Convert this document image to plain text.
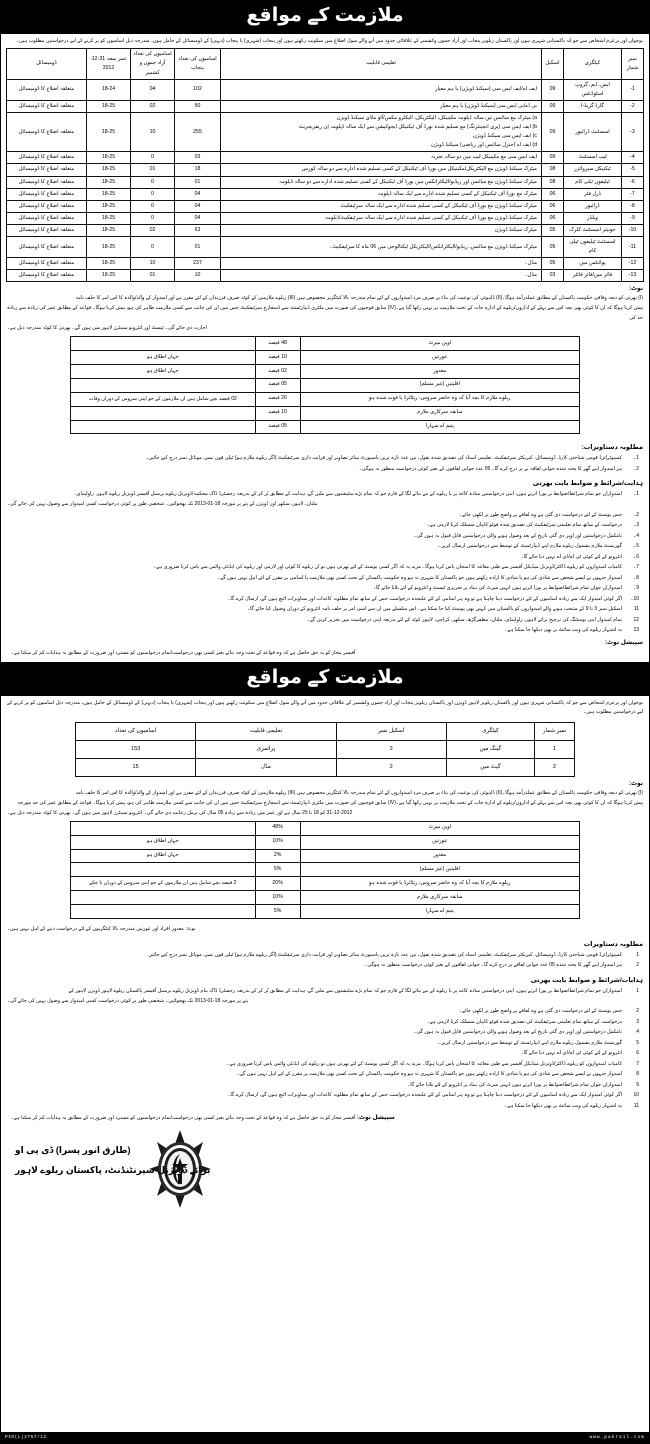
ملازمت کے مواقع
نوجوان اور پرعزم اشخاص سے جو کہ پاکستانی شہری ہوں اور پاکستان ریلویز پنجاب اور آزاد جموں وکشمیر کے علاقائی حدود میں آنے والے سول اضلاع میں سکونت رکھتے ہوں اور پنجاب (شہری) یا پنجاب (دیہی) کے ڈومیسائل کے حامل ہوں، مندرجہ ذیل اسامیوں کو پر کرنے کے لیے درخواستیں مطلوب ہیں۔
نمبر شمار	کیٹگری	اسکیل	تعلیمی قابلیت	اسامیوں کی تعداد پنجاب	اسامیوں کی تعداد آزاد جموں و کشمیر	عمر بمعہ 31-12-2012	ڈومیسائل
1-	ایس۔ایم۔گروپ اسٹوڈنٹس	09	ایف اے/ایف ایس سی (سیکنڈ ڈویژن) یا ہم معیار	102	04	18-24	متعلقہ اضلاع کا ڈومیسائل
2-	گارڈ گریڈ-I	09	بی اے/بی ایس سی (سیکنڈ ڈویژن) یا ہم معیار	50	02	18-25	متعلقہ اضلاع کا ڈومیسائل
3-	اسسٹنٹ ڈرائیور	09	a) میٹرک مع سائنس تین سالہ ڈپلومہ مکینیکل، الیکٹریکل، الیکٹرو مکس/آٹو ماڈی سیکنڈ ڈویژن
b) ایف ایس سی (پری انجینئرنگ) مع تسلیم شدہ بورڈ آف ٹیکنیکل ایجوکیشن سے ایک سالہ ڈپلومہ اِن ریفریجریٹ
c) ایف ایس سی سیکنڈ ڈویژن
d) ایف اے (جنرل سائنس اور ریاضی) سیکنڈ ڈویژن	255	10	18-25	متعلقہ اضلاع کا ڈومیسائل
4-	لیب اسسٹنٹ	09	ایف ایس سی مع مکینیکل لیب میں دو سالہ تجربہ	03	0	18-25	متعلقہ اضلاع کا ڈومیسائل
5-	ٹیکنیکل سپروائزر	08	میٹرک سیکنڈ ڈویژن مع الیکٹریکل/مکینیکل میں بورڈ آف ٹیکنیکل کے کسی تسلیم شدہ ادارے سے دو سالہ کورس	18	01	18-25	متعلقہ اضلاع کا ڈومیسائل
6-	ٹیلیفون ٹیلی کام	08	میٹرک سیکنڈ ڈویژن مع سائنس اور ریڈیو/الیکٹرانکس میں بورڈ آف ٹیکنیکل کے کسی تسلیم شدہ ادارے سے دو سالہ ڈپلومہ	01	0	18-25	متعلقہ اضلاع کا ڈومیسائل
7-	ڈرل فٹر	06	میٹرک مع بورڈ آف ٹیکنیکل کے کسی تسلیم شدہ ادارے سے ایک سالہ ڈپلومہ	04	0	18-25	متعلقہ اضلاع کا ڈومیسائل
8-	ڈرائیور	06	میٹرک سیکنڈ ڈویژن مع بورڈ آف ٹیکنیکل کے کسی تسلیم شدہ ادارے سے ایک سالہ سرٹیفکیٹ	04	0	18-25	متعلقہ اضلاع کا ڈومیسائل
9-	ویلڈر	06	میٹرک سیکنڈ ڈویژن مع بورڈ آف ٹیکنیکل کے کسی تسلیم شدہ ادارے سے ایک سالہ سرٹیفکیٹ/ڈپلومہ	04	0	18-25	متعلقہ اضلاع کا ڈومیسائل
10-	جونیئر اسسٹنٹ کلرک	05	میٹرک سیکنڈ ڈویژن	63	02	18-25	متعلقہ اضلاع کا ڈومیسائل
11-	اسسٹنٹ ٹیلیفون ٹیلی کام	05	میٹرک سیکنڈ ڈویژن مع سائنس، ریڈیو/الیکٹرانکس/الیکٹریکل ٹیکنالوجی میں 06 ماہ کا سرٹیفکیٹ۔	01	0	18-25	متعلقہ اضلاع کا ڈومیسائل
12-	پوائنٹس مین	05	مڈل۔	237	10	18-25	متعلقہ اضلاع کا ڈومیسائل
13-	فائر مین/فائر فائٹر	03	مڈل۔	10	01	18-25	متعلقہ اضلاع کا ڈومیسائل
نوٹ:
(I) بھرتی کو ذیعہ وفاقی حکومت پاکستان کے مطابق عملدرآمد ہوگا۔(II) ڈاہوئی کی نوعیت کی بناء پر صرف مرد امیدواروں کے لئے تمام مندرجہ بالا کیٹگریز مخصوص ہیں (III) ریلوے ملازمین کے کوٹہ صرف فرزندان کے لئے مقرر ہے اور امیدوار کے والد/والدہ کا اس امر کا حلف نامہ
پیش کرنا ہوگا کہ ان کا کوئی بھی بچہ اس سے پہلے کے اداروں/ریلوے کے ادارہ جات کے تحت ملازمت پر نہیں رکھا گیا ہے۔(IV) سابق فوجیوں کی صورت میں ملٹری ڈیپارٹمنٹ سے ڈسچارج سرٹیفکیٹ جس میں ان کی جانب سے کسی ملازمت ظاہر کی ہو، پیش کرنا ہوگا۔ قواعد کے مطابق عمر کی زیادہ سے زیادہ حد کی
اجازت دی جائے گی۔ ٹیسٹ اور انٹرویو سینٹرز لاہور میں ہوں گے۔ بھرتی کا کوٹہ مندرجہ ذیل ہے۔
اوپن میرٹ	48 فیصد	
عورتیں	10 فیصد	جہاں اطلاق ہو
معذور	02 فیصد	جہاں اطلاق ہو
اقلیتیں (غیر مسلم)	05 فیصد	
ریلوے ملازم کا بچہ آیا کہ وہ حاضر سروس، ریٹائرڈ یا فوت شدہ ہو	20 فیصد	02 فیصد بچے شامل ہیں ان ملازموں کے جو اپنی سروس کے دوران وفات
سابقہ سرکاری ملازم	10 فیصد	
یتیم اے سہارا	05 فیصد	
مطلوبہ دستاویزات:
1۔
کمپیوٹرائزڈ قومی شناختی کارڈ، ڈومیسائل، کیریکٹر سرٹیفکیٹ، تعلیمی اسناد کی تصدیق شدہ نقول، تین عدد تازہ ترین پاسپورٹ سائز تصاویر اور قرابت داری سرٹیفکیٹ (اگر ریلوے ملازم ہو) ٹیلی فون نمبر، موبائل نمبر درج کیے جائیں۔
2۔
ہر امیدوار اپنے گھر کا پختہ شدہ جوابی لفافہ نے پر درج کرے گا۔ 05 عدد جوابی لفافوں کے بغیر کوئی درخواست منظور نہ ہوگی۔
ہدایت/شرائط و ضوابط بابت بھرتی
1۔
امیدواران جو تمام شرائط/ضوابط پر پورا اترتے ہوں، اپنی درخواستیں سادہ کاغذ پر یا ریلوے کے بنے بنائے لگا کے فارم جو کہ تمام بڑے سٹیشنوں سے ملیں گے، ہدایت کے مطابق پُر کر کے بذریعہ رجسٹرڈ ڈاک محکمہ/ڈویژنل ریلوے پرسنل آفیسر ڈویژنل ریلوے لاہور، راولپنڈی،
ملتان، لاہور، سکھر اور ڈویژن کے پتے پر مورخہ 18-01-2013 تک بھجوائیں۔ شخصی طور پر کوئی درخواست کسی امیدوار سے وصول نہیں کی جائے گی۔
2۔
جس پوسٹ کے لئے درخواست دی گئی ہے وہ لفافے پر واضح طور پر لکھی جائے۔
3۔
درخواست کے ساتھ تمام تعلیمی سرٹیفکیٹ کی تصدیق شدہ فوٹو کاپیاں منسلک کرنا لازمی ہے۔
4۔
نامکمل درخواستیں اور اوپر دی گئی تاریخ کے بعد وصول ہونے والی درخواستیں قابل قبول نہ ہوں گی۔
5۔
گورنمنٹ ملازم بشمول ریلوے ملازم اپنے ڈیپارٹمنٹ کے توسط سے درخواستیں ارسال کریں۔
6۔
انٹرویو کے لئے کوئی ٹی اے/ڈی اے نہیں دیا جائے گا۔
7۔
کامیاب امیدواروں کو ریلوے ڈاکٹر/ڈویژنل میڈیکل آفیسر سے طبی معائنہ کا امتحان پاس کرنا ہوگا۔ مزید یہ کہ اگر کسی پوسٹ کے لئے بھرتی ہوں تو ان ریلوے کا کوئی اور لازمی اور ریلوے کی ایڈنٹی واٹس سے پاس کرنا ضروری ہے۔
8۔
امیدوار جنہوں نے ایسے شخص سے شادی کی ہو یا شادی کا ارادہ رکھتے ہوں جو پاکستان کا شہری نہ ہو وہ حکومت پاکستان کے تحت کسی بھی ملازمت یا اسامی پر مقرر کے لئے اہل نہیں ہوں گے۔
9۔
امیدواران جوان تمام شرائط/ضوابط پر پورا اترتے ہوں انہیں میرٹ کی بنیاد پر تحریری ٹیسٹ و انٹرویو کے لئے بلایا جائے گا۔
10۔
اگر کوئی امیدوار ایک سے زیادہ اسامیوں کے لئے درخواست دینا چاہتا ہے تو وہ ہر اسامی کے لئے علیحدہ درخواست جس کے ساتھ تمام مطلوبہ کاغذات اور ستاویزات اٹیچ ہوں گے، ارسال کرے گا۔
11
اسکیل نمبر 3 تا 9 کے منتخب ہونے والے امیدواروں کو پاکستان میں کہیں بھی پوسٹ کیا جا سکتا ہے۔ اس سلسلے میں ان سے اسی امر پر حلف نامہ انٹرویو کے دوران وصول کیا جائے گا۔
12
تمام امیدوار اپنی پوسٹنگ کی ترجیح برائے لاہور، راولپنڈی، ملتان، مظفرگڑھ، سکھر، کراچی، لاہور کوٹہ کے لئے بذریعہ اپنی درخواست میں تحریر کریں گے۔
13
یہ اشتہار ریلوے کی ویب سائٹ پر بھی دیکھا جا سکتا ہے۔
سپیشل نوٹ:
آفیسر مجاز کو یہ حق حاصل ہے کہ وہ قواعد کے تحت وجہ بتائے بغیر کسی بھی درخواست/تمام درخواستوں کو مسترد اور ضرورت کے مطابق یہ ہدایات کم کر سکتا ہے۔
ملازمت کے مواقع
نوجوان اور پرعزم اشخاص سے جو کہ پاکستانی شہری ہوں اور پاکستان ریلویز لاہور ڈویژن اور پاکستان ریلویز پنجاب اور آزاد جموں وکشمیر کے علاقائی حدود میں آنے والے سول اضلاع میں سکونت رکھتے ہوں اور پنجاب (شہری) یا پنجاب (دیہی) کے ڈومیسائل کے حامل ہوں، مندرجہ ذیل اسامیوں کو پر کرنے کے لیے درخواستیں مطلوب ہیں۔
نمبر شمار	کیٹگری	اسکیل نمبر	تعلیمی قابلیت	اسامیوں کی تعداد
1	گینگ مین	2	پرائمری	153
2	گیٹ مین	2	مڈل	15
نوٹ:
(I) بھرتی کو ذیعہ وفاقی حکومت پاکستان کے مطابق عملدرآمد ہوگا۔(II) ڈاہوئی کی نوعیت کی بناء پر صرف مرد امیدواروں کے لئے تمام مندرجہ بالا کیٹگریز مخصوص ہیں (III) ریلوے ملازمین کے کوٹہ صرف فرزندان کے لئے مقرر ہے اور امیدوار کے والد/والدہ کا اس امر کا حلف نامہ
پیش کرنا ہوگا کہ ان کا کوئی بھی بچہ اس سے پہلے کے اداروں/ریلوے کے ادارہ جات کے تحت ملازمت پر نہیں رکھا گیا ہے۔(IV) سابق فوجیوں کی صورت میں ملٹری ڈیپارٹمنٹ سے ڈسچارج سرٹیفکیٹ جس میں ان کی جانب سے کسی ملازمت ظاہر کی ہو، پیش کرنا ہوگا۔ قواعد کے مطابق عمر کی حد مورخہ
31-12-2012 کو 18 تا 25 سال ہے اور عمر میں زیادہ سے زیادہ 05 سال کی نرمل رعایت دی جائے گی۔ انٹرویو سینٹرز لاہور میں ہوں گے۔ بھرتی کا کوٹہ مندرجہ ذیل ہے۔
اوپن میرٹ	48%	
عورتیں	10%	جہاں اطلاق ہو
معذور	2%	جہاں اطلاق ہو
اقلیتیں (غیر مسلم)	5%	
ریلوے ملازم کا بچہ آیا کہ وہ حاضر سروس، ریٹائرڈ یا فوت شدہ ہو	20%	2 فیصد بچے شامل ہیں ان ملازموں کے جو اپنی سروس کے دوران پا چکے
سابقہ سرکاری ملازم	10%	
یتیم اے سہارا	5%	
نوٹ: معذور افراد اور عورتیں مندرجہ بالا کیٹگریوں کے لئے درخواست دینے کے اہل نہیں ہیں۔
مطلوبہ دستاویزات
1
کمپیوٹرائزڈ قومی شناختی کارڈ، ڈومیسائل، کیریکٹر سرٹیفکیٹ، تعلیمی اسناد کی تصدیق شدہ نقول، تین عدد تازہ ترین پاسپورٹ سائز تصاویر اور قرابت داری سرٹیفکیٹ (اگر ریلوے ملازم ہو) ٹیلی فون نمبر، موبائل نمبر درج کیے جائیں
2
ہر امیدوار اپنے گھر کا پختہ شدہ 05 عدد جوابی لفافے پر درج کرے گا۔ جوابی لفافوں کے بغیر کوئی درخواست منظور نہ ہوگی۔
ہدایات/شرائط و ضوابط بابت بھرتی
1
امیدواران جو تمام شرائط/ضوابط پر پورا اترتے ہوں، اپنی درخواستیں سادہ کاغذ پر یا ریلوے کے بنے بنائے لگا کے فارم جو کہ تمام بڑے سٹیشنوں سے ملیں گے، ہدایت کے مطابق پُر کر کے بذریعہ رجسٹرڈ ڈاک بنام ڈویژنل ریلوے پرسنل آفیسر پاکستان ریلوے لاہور ڈویژن لاہور کے
پتے پر مورخہ 18-01-2013 تک بھجوائیں۔ شخصی طور پر کوئی درخواست کسی امیدوار سے وصول نہیں کی جائے گی۔
2
جس پوسٹ کے لئے درخواست دی گئی ہے وہ لفافے پر واضح طور پر لکھی جائے۔
3
درخواست کے ساتھ تمام تعلیمی سرٹیفکیٹ کی تصدیق شدہ فوٹو کاپیاں منسلک کرنا لازمی ہے۔
4
نامکمل درخواستیں اور اوپر دی گئی تاریخ کے بعد وصول ہونے والی درخواستیں قابل قبول نہ ہوں گی۔
5
گورنمنٹ ملازم بشمول ریلوے ملازم اپنے ڈیپارٹمنٹ کے توسط سے درخواستیں ارسال کریں۔
6
انٹرویو کے لئے کوئی ٹی اے/ڈی اے نہیں دیا جائے گا۔
7
کامیاب امیدواروں کو ریلوے ڈاکٹر/ڈویژنل میڈیکل آفیسر سے طبی معائنہ کا امتحان پاس کرنا ہوگا۔ مزید یہ کہ اگر کسی پوسٹ کے لئے بھرتی ہوں تو ریلوے کی ایڈنٹی واٹس پاس کرنا ضروری ہے۔
8
امیدوار جنہوں نے ایسے شخص سے شادی کی ہو یا شادی کا ارادہ رکھتے ہوں جو پاکستان کا شہری نہ ہو وہ حکومت پاکستان کے تحت کسی بھی ملازمت پر مقرر کے لئے اہل نہیں ہوں گے۔
9
امیدواران جوان تمام شرائط/ضوابط پر پورا اترتے ہوں انہیں میرٹ کی بنیاد پر انٹرویو کے لئے بلایا جائے گا۔
10
اگر کوئی امیدوار ایک سے زیادہ اسامیوں کے لئے درخواست دینا چاہتا ہے تو وہ ہر اسامی کے لئے علیحدہ درخواست جس کے ساتھ تمام مطلوبہ کاغذات اور ستاویزات اٹیچ ہوں گے، ارسال کرے گا۔
11
یہ اشتہار ریلوے کی ویب سائٹ پر بھی دیکھا جا سکتا ہے۔
سپیشل نوٹ: آفیسر مجاز کو یہ حق حاصل ہے کہ وہ قواعد کے تحت وجہ بتائے بغیر کسی بھی درخواست/تمام درخواستوں کو مسترد اور ضرورت کے مطابق یہ ہدایات کم کر سکتا ہے۔
(طارق انور پسرا) ڈی پی او
برائے ڈویژنل سپرنٹنڈنٹ، پاکستان ریلوے لاہور
PID(L)2757/12	www.pakrail.com
